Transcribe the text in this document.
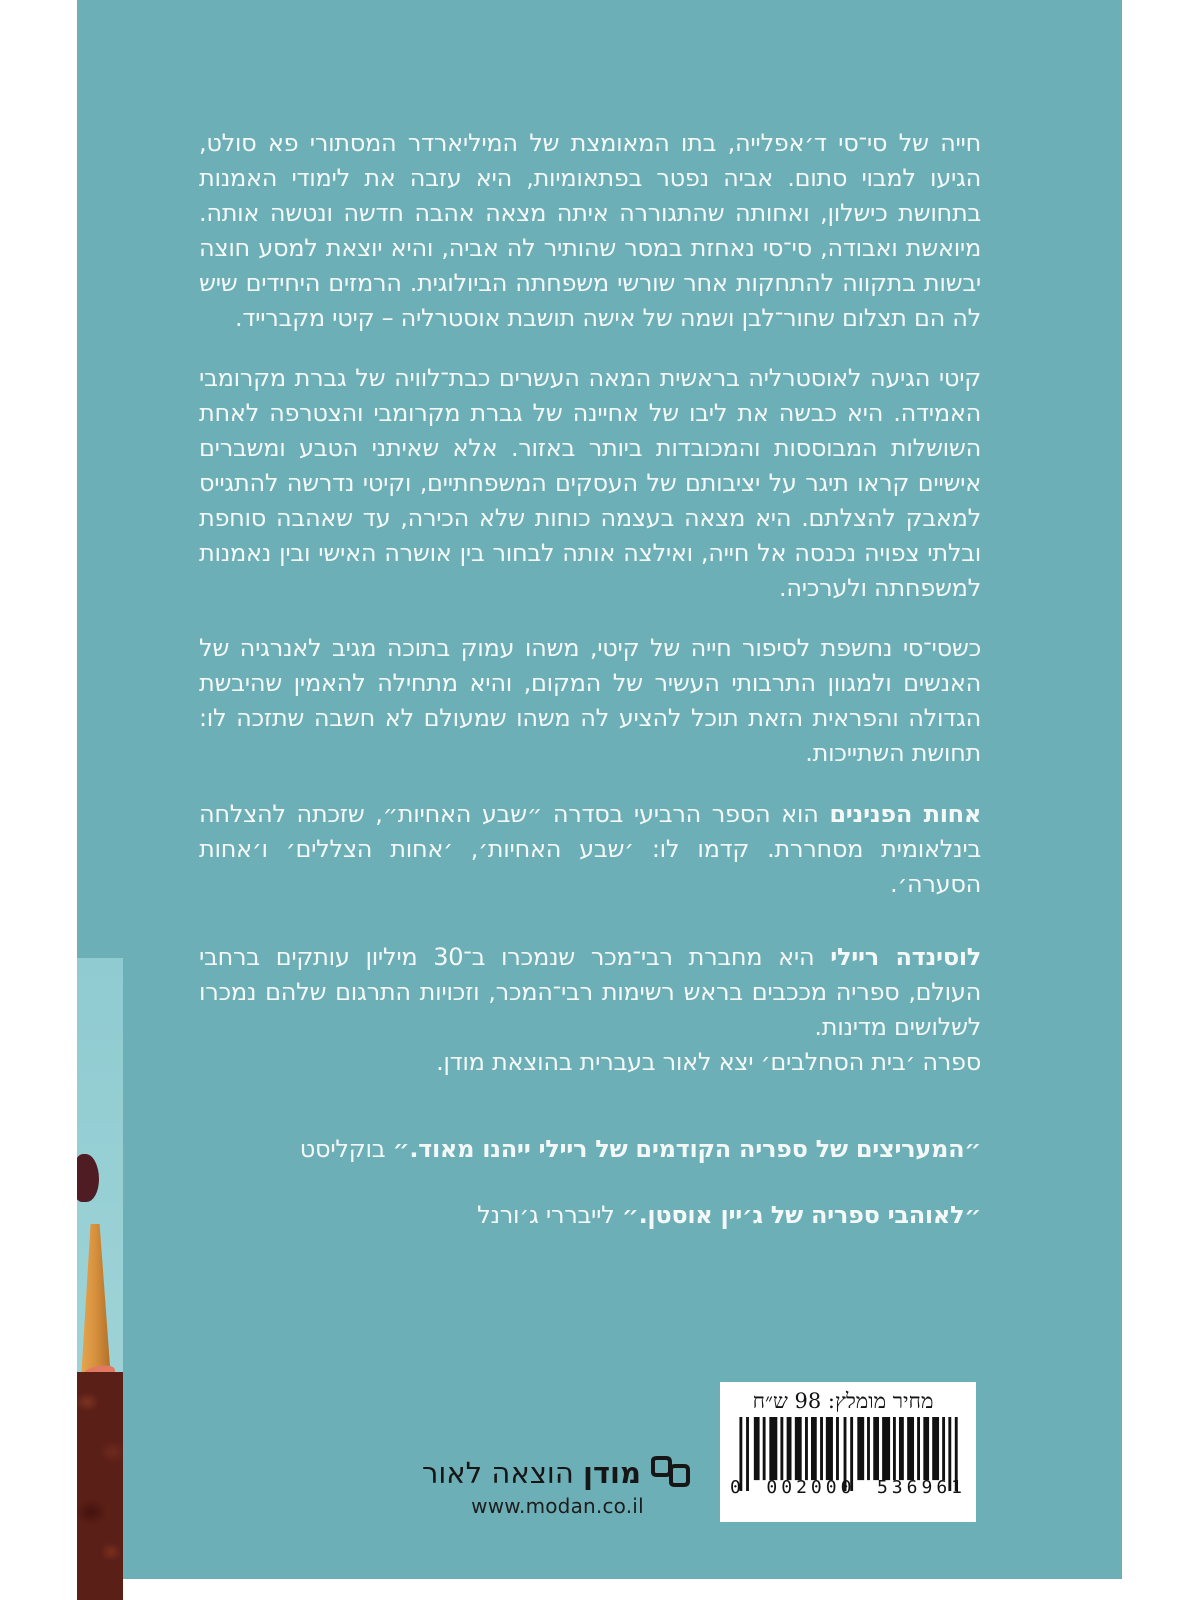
חייה של סי־סי ד׳אפלייה, בתו המאומצת של המיליארדר המסתורי פא סולט, הגיעו למבוי סתום. אביה נפטר בפתאומיות, היא עזבה את לימודי האמנות בתחושת כישלון, ואחותה שהתגוררה איתה מצאה אהבה חדשה ונטשה אותה. מיואשת ואבודה, סי־סי נאחזת במסר שהותיר לה אביה, והיא יוצאת למסע חוצה יבשות בתקווה להתחקות אחר שורשי משפחתה הביולוגית. הרמזים היחידים שיש לה הם תצלום שחור־לבן ושמה של אישה תושבת אוסטרליה – קיטי מקברייד.

קיטי הגיעה לאוסטרליה בראשית המאה העשרים כבת־לוויה של גברת מקרומבי האמידה. היא כבשה את ליבו של אחיינה של גברת מקרומבי והצטרפה לאחת השושלות המבוססות והמכובדות ביותר באזור. אלא שאיתני הטבע ומשברים אישיים קראו תיגר על יציבותם של העסקים המשפחתיים, וקיטי נדרשה להתגייס למאבק להצלתם. היא מצאה בעצמה כוחות שלא הכירה, עד שאהבה סוחפת ובלתי צפויה נכנסה אל חייה, ואילצה אותה לבחור בין אושרה האישי ובין נאמנות למשפחתה ולערכיה.

כשסי־סי נחשפת לסיפור חייה של קיטי, משהו עמוק בתוכה מגיב לאנרגיה של האנשים ולמגוון התרבותי העשיר של המקום, והיא מתחילה להאמין שהיבשת הגדולה והפראית הזאת תוכל להציע לה משהו שמעולם לא חשבה שתזכה לו: תחושת השתייכות.

אחות הפנינים הוא הספר הרביעי בסדרה ״שבע האחיות״, שזכתה להצלחה בינלאומית מסחררת. קדמו לו: ׳שבע האחיות׳, ׳אחות הצללים׳ ו׳אחות הסערה׳.

לוסינדה ריילי היא מחברת רבי־מכר שנמכרו ב־30 מיליון עותקים ברחבי העולם, ספריה מככבים בראש רשימות רבי־המכר, וזכויות התרגום שלהם נמכרו לשלושים מדינות.

ספרה ׳בית הסחלבים׳ יצא לאור בעברית בהוצאת מודן.

״המעריצים של ספריה הקודמים של ריילי ייהנו מאוד.״ בוקליסט

״לאוהבי ספריה של ג׳יין אוסטן.״ לייבררי ג׳ורנל

מחיר מומלץ: 98 ש״ח
0 002000 536961
מודן הוצאה לאור
www.modan.co.il
